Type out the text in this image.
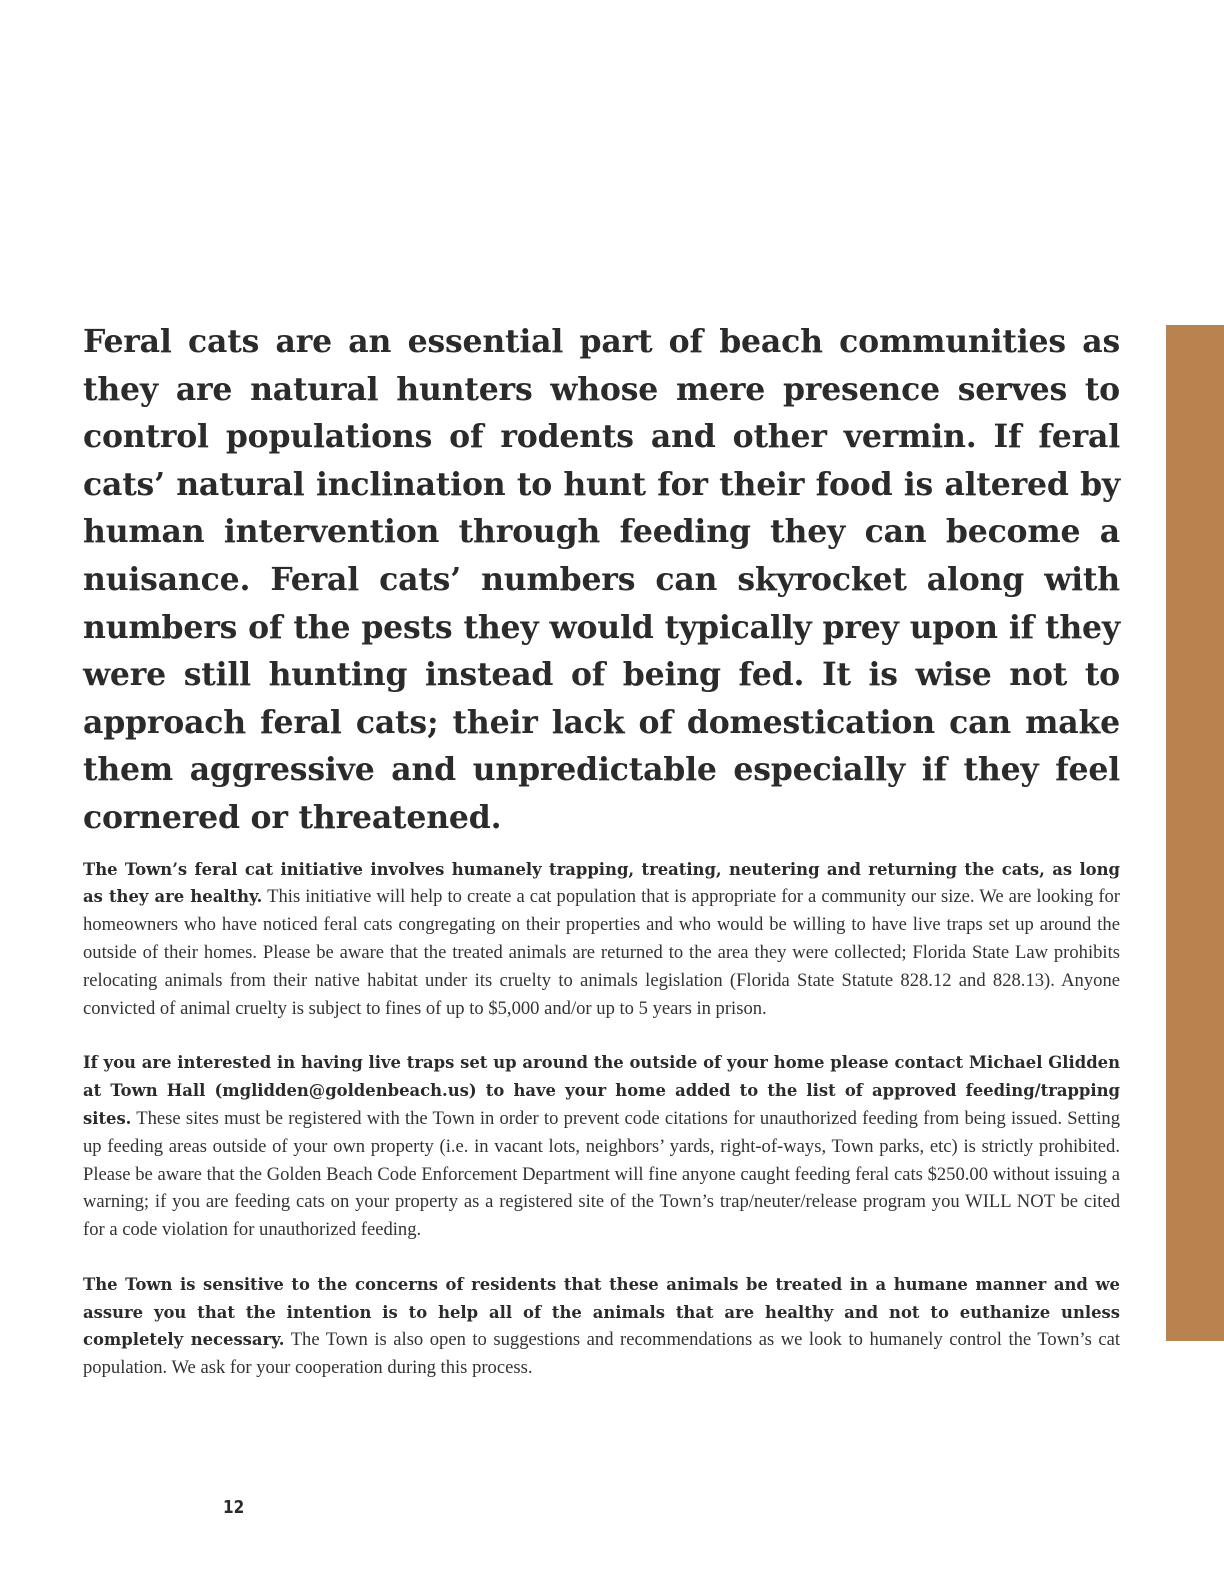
Feral cats are an essential part of beach communities as they are natural hunters whose mere presence serves to control populations of rodents and other vermin. If feral cats’ natural inclination to hunt for their food is altered by human intervention through feeding they can become a nuisance. Feral cats’ numbers can skyrocket along with numbers of the pests they would typically prey upon if they were still hunting instead of being fed. It is wise not to approach feral cats; their lack of domestication can make them aggressive and unpredictable especially if they feel cornered or threatened.

The Town’s feral cat initiative involves humanely trapping, treating, neutering and returning the cats, as long as they are healthy. This initiative will help to create a cat population that is appropriate for a community our size. We are looking for homeowners who have noticed feral cats congregating on their properties and who would be willing to have live traps set up around the outside of their homes. Please be aware that the treated animals are returned to the area they were collected; Florida State Law prohibits relocating animals from their native habitat under its cruelty to animals legislation (Florida State Statute 828.12 and 828.13). Anyone convicted of animal cruelty is subject to fines of up to $5,000 and/or up to 5 years in prison.

If you are interested in having live traps set up around the outside of your home please contact Michael Glidden at Town Hall (mglidden@goldenbeach.us) to have your home added to the list of approved feeding/trapping sites. These sites must be registered with the Town in order to prevent code citations for unauthorized feeding from being issued. Setting up feeding areas outside of your own property (i.e. in vacant lots, neighbors’ yards, right-of-ways, Town parks, etc) is strictly prohibited. Please be aware that the Golden Beach Code Enforcement Department will fine anyone caught feeding feral cats $250.00 without issuing a warning; if you are feeding cats on your property as a registered site of the Town’s trap/neuter/release program you WILL NOT be cited for a code violation for unauthorized feeding.

The Town is sensitive to the concerns of residents that these animals be treated in a humane manner and we assure you that the intention is to help all of the animals that are healthy and not to euthanize unless completely necessary. The Town is also open to suggestions and recommendations as we look to humanely control the Town’s cat population. We ask for your cooperation during this process.

12
